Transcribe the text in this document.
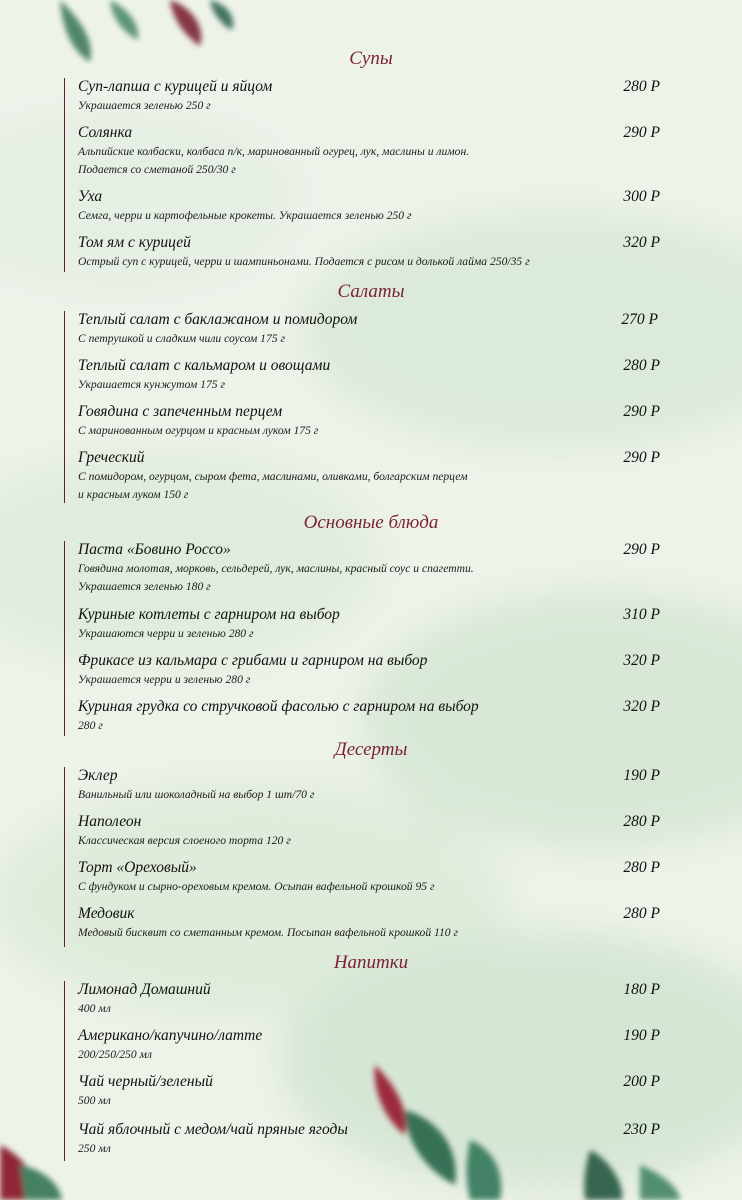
Супы
Суп-лапша с курицей и яйцом	280 Р
Украшается зеленью 250 г
Солянка	290 Р
Альпийские колбаски, колбаса п/к, маринованный огурец, лук, маслины и лимон.
Подается со сметаной 250/30 г
Уха	300 Р
Семга, черри и картофельные крокеты. Украшается зеленью 250 г
Том ям с курицей	320 Р
Острый суп с курицей, черри и шампиньонами. Подается с рисом и долькой лайма 250/35 г
Салаты
Теплый салат с баклажаном и помидором	270 Р
С петрушкой и сладким чили соусом 175 г
Теплый салат с кальмаром и овощами	280 Р
Украшается кунжутом 175 г
Говядина с запеченным перцем	290 Р
С маринованным огурцом и красным луком 175 г
Греческий	290 Р
С помидором, огурцом, сыром фета, маслинами, оливками, болгарским перцем
и красным луком 150 г
Основные блюда
Паста «Бовино Россо»	290 Р
Говядина молотая, морковь, сельдерей, лук, маслины, красный соус и спагетти.
Украшается зеленью 180 г
Куриные котлеты с гарниром на выбор	310 Р
Украшаются черри и зеленью 280 г
Фрикасе из кальмара с грибами и гарниром на выбор	320 Р
Украшается черри и зеленью 280 г
Куриная грудка со стручковой фасолью с гарниром на выбор	320 Р
280 г
Десерты
Эклер	190 Р
Ванильный или шоколадный на выбор 1 шт/70 г
Наполеон	280 Р
Классическая версия слоеного торта 120 г
Торт «Ореховый»	280 Р
С фундуком и сырно-ореховым кремом. Осыпан вафельной крошкой 95 г
Медовик	280 Р
Медовый бисквит со сметанным кремом. Посыпан вафельной крошкой 110 г
Напитки
Лимонад Домашний	180 Р
400 мл
Американо/капучино/латте	190 Р
200/250/250 мл
Чай черный/зеленый	200 Р
500 мл
Чай яблочный с медом/чай пряные ягоды	230 Р
250 мл
